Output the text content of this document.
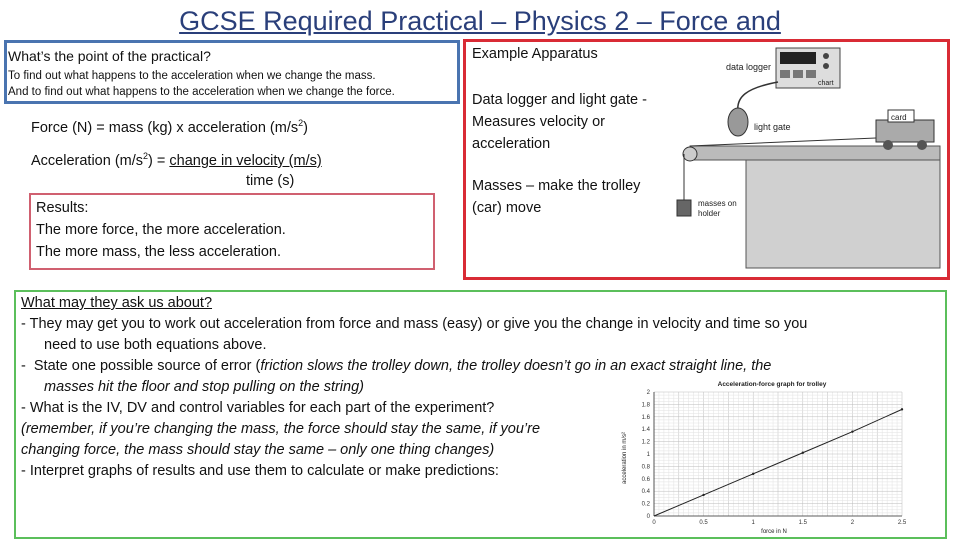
GCSE Required Practical – Physics 2 – Force and
What’s the point of the practical?
To find out what happens to the acceleration when we change the mass.
And to find out what happens to the acceleration when we change the force.
Force (N) = mass (kg) x acceleration $(m/s^2)$
Acceleration $(m/s^2)$ = change in velocity (m/s)
time (s)
Results:
The more force, the more acceleration.
The more mass, the less acceleration.
Example Apparatus
Data logger and light gate - Measures velocity or acceleration
Masses – make the trolley (car) move
data logger
chart
light gate
card
masses on
holder
What may they ask us about?
- They may get you to work out acceleration from force and mass (easy) or give you the change in velocity and time so you
need to use both equations above.
-  State one possible source of error (friction slows the trolley down, the trolley doesn’t go in an exact straight line, the
masses hit the floor and stop pulling on the string)
- What is the IV, DV and control variables for each part of the experiment?
(remember, if you’re changing the mass, the force should stay the same, if you’re
changing force, the mass should stay the same – only one thing changes)
- Interpret graphs of results and use them to calculate or make predictions:
Acceleration-force graph for trolley
0	0.5	1	1.5	2	2.5
0
0.2
0.4
0.6
0.8
1
1.2
1.4
1.6
1.8
2
force in N
acceleration in m/s²
